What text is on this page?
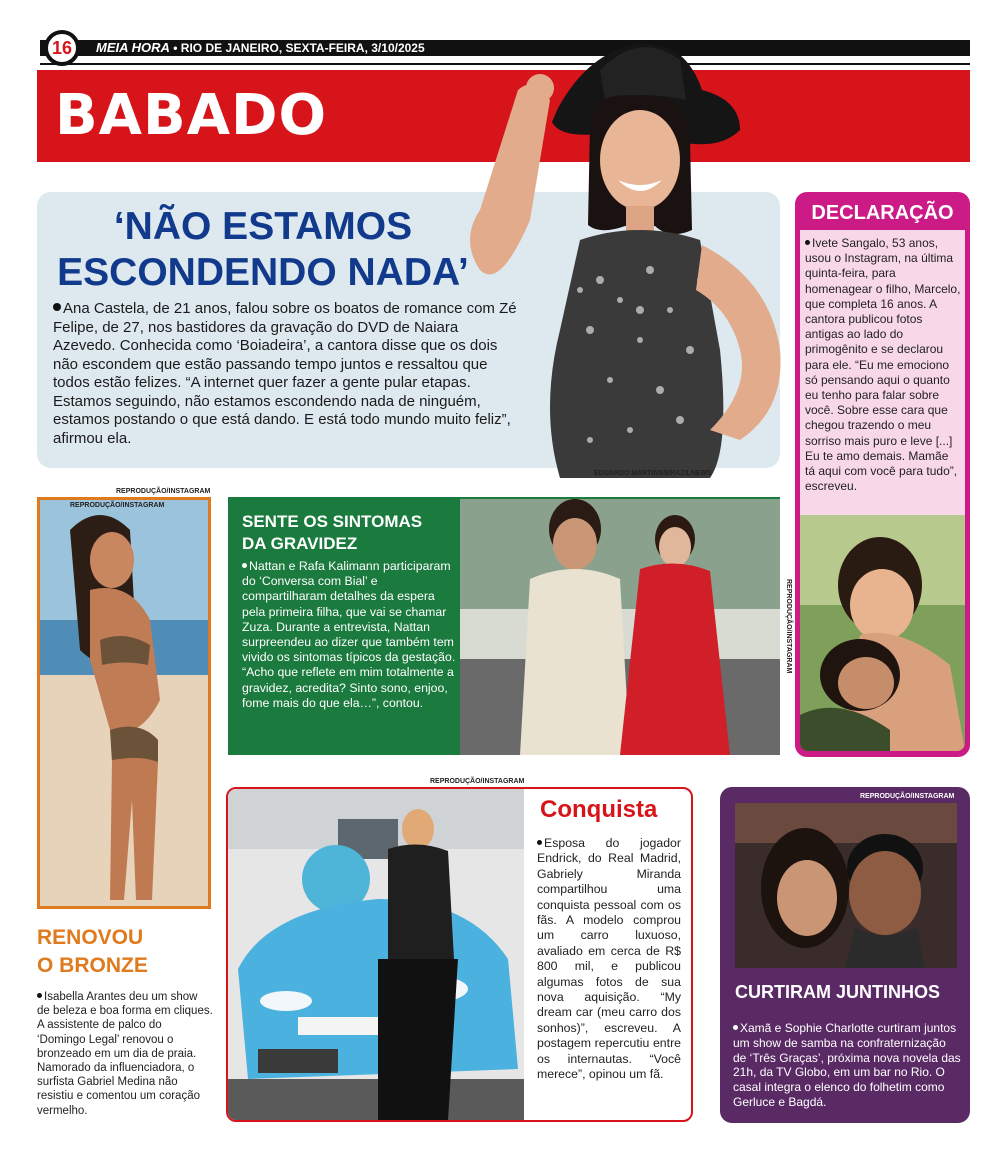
16	MEIA HORA • RIO DE JANEIRO, SEXTA-FEIRA, 3/10/2025
BABADO
‘NÃO ESTAMOS
ESCONDENDO NADA’
Ana Castela, de 21 anos, falou sobre os boatos de romance com Zé Felipe, de 27, nos bastidores da gravação do DVD de Naiara Azevedo. Conhecida como ‘Boiadeira’, a cantora disse que os dois não escondem que estão passando tempo juntos e ressaltou que todos estão felizes. “A internet quer fazer a gente pular etapas. Estamos seguindo, não estamos escondendo nada de ninguém, estamos postando o que está dando. E está todo mundo muito feliz”, afirmou ela.
EDUARDO MARTINS/BRAZILNEWS
DECLARAÇÃO
Ivete Sangalo, 53 anos, usou o Instagram, na última quinta-feira, para homenagear o filho, Marcelo, que completa 16 anos. A cantora publicou fotos antigas ao lado do primogênito e se declarou para ele. “Eu me emociono só pensando aqui o quanto eu tenho para falar sobre você. Sobre esse cara que chegou trazendo o meu sorriso mais puro e leve [...] Eu te amo demais. Mamãe tá aqui com você para tudo”, escreveu.
REPRODUÇÃO/INSTAGRAM
REPRODUÇÃO/INSTAGRAM
RENOVOU
O BRONZE
Isabella Arantes deu um show de beleza e boa forma em cliques. A assistente de palco do ‘Domingo Legal’ renovou o bronzeado em um dia de praia. Namorado da influenciadora, o surfista Gabriel Medina não resistiu e comentou um coração vermelho.
SENTE OS SINTOMAS
DA GRAVIDEZ
Nattan e Rafa Kalimann participaram do ‘Conversa com Bial’ e compartilharam detalhes da espera pela primeira filha, que vai se chamar Zuza. Durante a entrevista, Nattan surpreendeu ao dizer que também tem vivido os sintomas típicos da gestação. “Acho que reflete em mim totalmente a gravidez, acredita? Sinto sono, enjoo, fome mais do que ela…”, contou.
REPRODUÇÃO/INSTAGRAM
REPRODUÇÃO/INSTAGRAM
Conquista
Esposa do jogador Endrick, do Real Madrid, Gabriely Miranda compartilhou uma conquista pessoal com os fãs. A modelo comprou um carro luxuoso, avaliado em cerca de R$ 800 mil, e publicou algumas fotos de sua nova aquisição. “My dream car (meu carro dos sonhos)”, escreveu. A postagem repercutiu entre os internautas. “Você merece”, opinou um fã.
REPRODUÇÃO/INSTAGRAM
CURTIRAM JUNTINHOS
Xamã e Sophie Charlotte curtiram juntos um show de samba na confraternização de ‘Três Graças’, próxima nova novela das 21h, da TV Globo, em um bar no Rio. O casal integra o elenco do folhetim como Gerluce e Bagdá.
